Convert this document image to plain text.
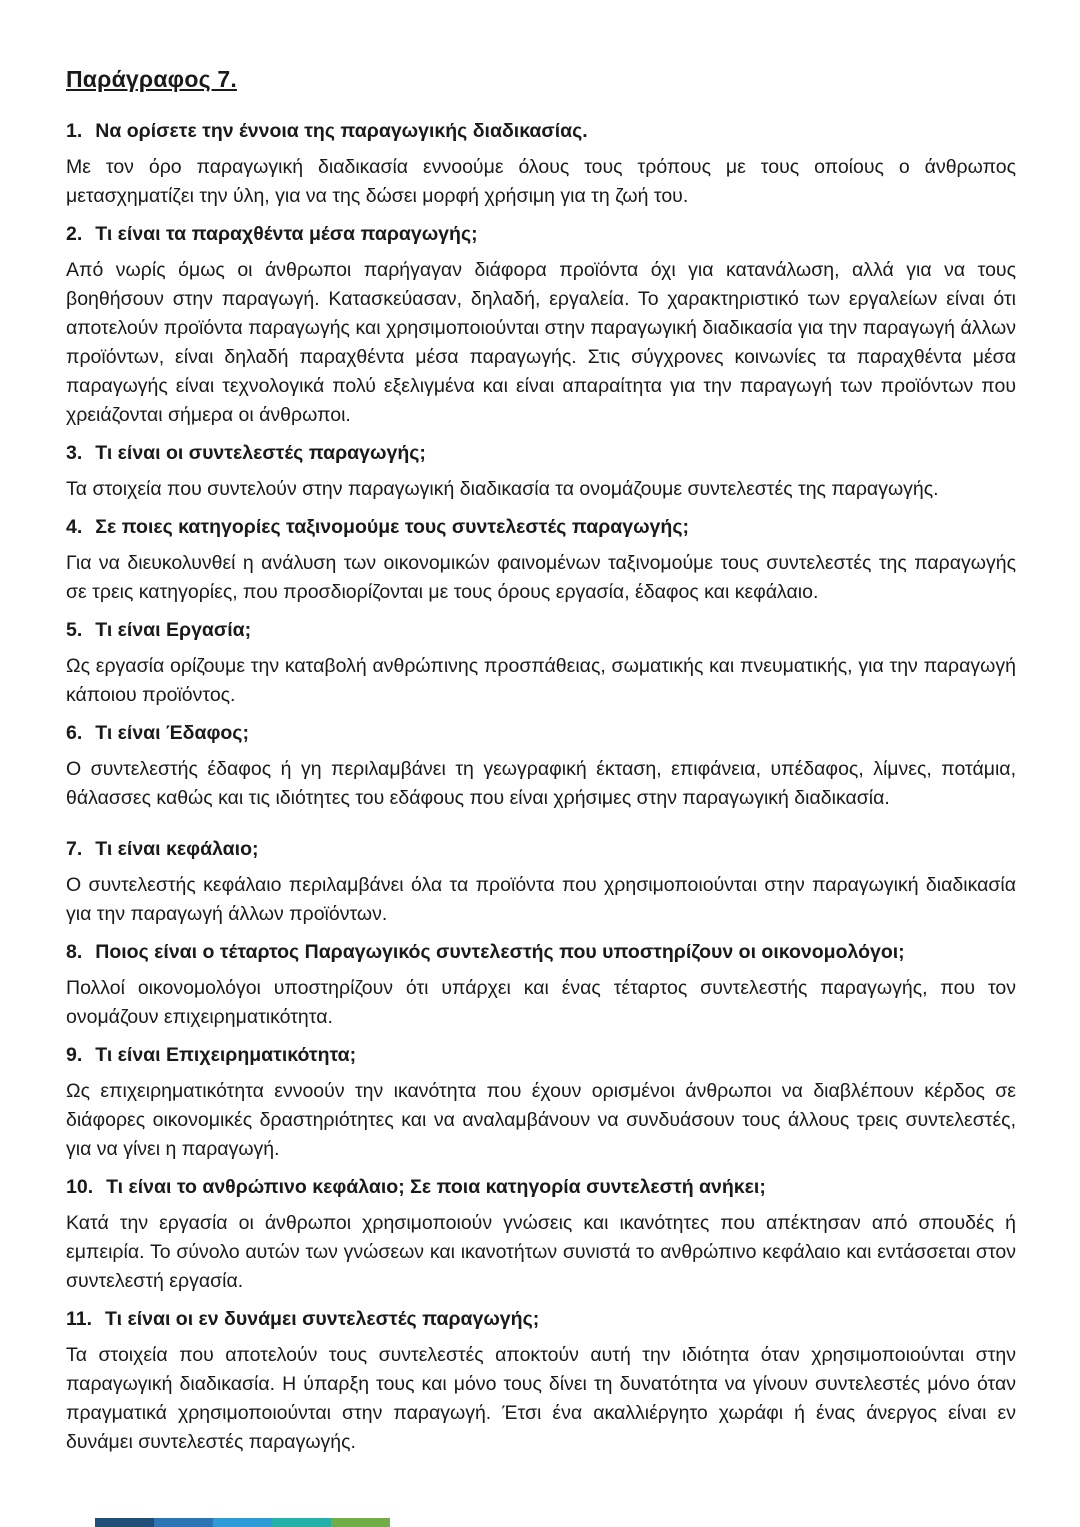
Παράγραφος 7.
1. Να ορίσετε την έννοια της παραγωγικής διαδικασίας.
Με τον όρο παραγωγική διαδικασία εννοούμε όλους τους τρόπους με τους οποίους ο άνθρωπος μετασχηματίζει την ύλη, για να της δώσει μορφή χρήσιμη για τη ζωή του.
2. Τι είναι τα παραχθέντα μέσα παραγωγής;
Από νωρίς όμως οι άνθρωποι παρήγαγαν διάφορα προϊόντα όχι για κατανάλωση, αλλά για να τους βοηθήσουν στην παραγωγή. Κατασκεύασαν, δηλαδή, εργαλεία. Το χαρακτηριστικό των εργαλείων είναι ότι αποτελούν προϊόντα παραγωγής και χρησιμοποιούνται στην παραγωγική διαδικασία για την παραγωγή άλλων προϊόντων, είναι δηλαδή παραχθέντα μέσα παραγωγής. Στις σύγχρονες κοινωνίες τα παραχθέντα μέσα παραγωγής είναι τεχνολογικά πολύ εξελιγμένα και είναι απαραίτητα για την παραγωγή των προϊόντων που χρειάζονται σήμερα οι άνθρωποι.
3. Τι είναι οι συντελεστές παραγωγής;
Τα στοιχεία που συντελούν στην παραγωγική διαδικασία τα ονομάζουμε συντελεστές της παραγωγής.
4. Σε ποιες κατηγορίες ταξινομούμε τους συντελεστές παραγωγής;
Για να διευκολυνθεί η ανάλυση των οικονομικών φαινομένων ταξινομούμε τους συντελεστές της παραγωγής σε τρεις κατηγορίες, που προσδιορίζονται με τους όρους εργασία, έδαφος και κεφάλαιο.
5. Τι είναι Εργασία;
Ως εργασία ορίζουμε την καταβολή ανθρώπινης προσπάθειας, σωματικής και πνευματικής, για την παραγωγή κάποιου προϊόντος.
6. Τι είναι Έδαφος;
Ο συντελεστής έδαφος ή γη περιλαμβάνει τη γεωγραφική έκταση, επιφάνεια, υπέδαφος, λίμνες, ποτάμια, θάλασσες καθώς και τις ιδιότητες του εδάφους που είναι χρήσιμες στην παραγωγική διαδικασία.
7. Τι είναι κεφάλαιο;
Ο συντελεστής κεφάλαιο περιλαμβάνει όλα τα προϊόντα που χρησιμοποιούνται στην παραγωγική διαδικασία για την παραγωγή άλλων προϊόντων.
8. Ποιος είναι ο τέταρτος Παραγωγικός συντελεστής που υποστηρίζουν οι οικονομολόγοι;
Πολλοί οικονομολόγοι υποστηρίζουν ότι υπάρχει και ένας τέταρτος συντελεστής παραγωγής, που τον ονομάζουν επιχειρηματικότητα.
9. Τι είναι Επιχειρηματικότητα;
Ως επιχειρηματικότητα εννοούν την ικανότητα που έχουν ορισμένοι άνθρωποι να διαβλέπουν κέρδος σε διάφορες οικονομικές δραστηριότητες και να αναλαμβάνουν να συνδυάσουν τους άλλους τρεις συντελεστές, για να γίνει η παραγωγή.
10. Τι είναι το ανθρώπινο κεφάλαιο; Σε ποια κατηγορία συντελεστή ανήκει;
Κατά την εργασία οι άνθρωποι χρησιμοποιούν γνώσεις και ικανότητες που απέκτησαν από σπουδές ή εμπειρία. Το σύνολο αυτών των γνώσεων και ικανοτήτων συνιστά το ανθρώπινο κεφάλαιο και εντάσσεται στον συντελεστή εργασία.
11. Τι είναι οι εν δυνάμει συντελεστές παραγωγής;
Τα στοιχεία που αποτελούν τους συντελεστές αποκτούν αυτή την ιδιότητα όταν χρησιμοποιούνται στην παραγωγική διαδικασία. Η ύπαρξη τους και μόνο τους δίνει τη δυνατότητα να γίνουν συντελεστές μόνο όταν πραγματικά χρησιμοποιούνται στην παραγωγή. Έτσι ένα ακαλλιέργητο χωράφι ή ένας άνεργος είναι εν δυνάμει συντελεστές παραγωγής.
